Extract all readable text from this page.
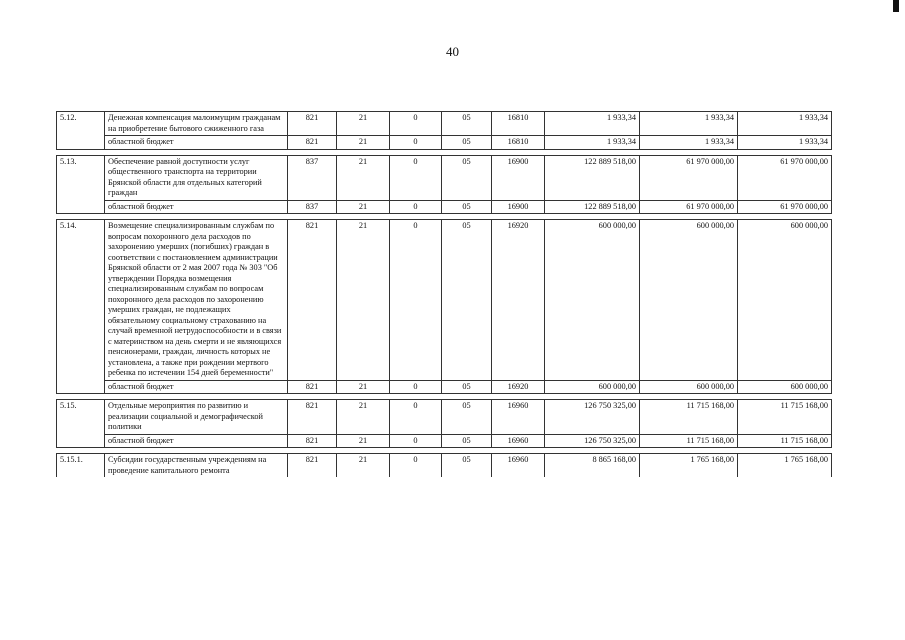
40
5.12.	Денежная компенсация малоимущим гражданам на приобретение бытового сжиженного газа	821	21	0	05	16810	1 933,34	1 933,34	1 933,34
	областной бюджет	821	21	0	05	16810	1 933,34	1 933,34	1 933,34

5.13.	Обеспечение равной доступности услуг общественного транспорта на территории Брянской области для отдельных категорий граждан	837	21	0	05	16900	122 889 518,00	61 970 000,00	61 970 000,00
	областной бюджет	837	21	0	05	16900	122 889 518,00	61 970 000,00	61 970 000,00

5.14.	Возмещение специализированным службам по вопросам похоронного дела расходов по захоронению умерших (погибших) граждан в соответствии с постановлением администрации Брянской области от 2 мая 2007 года № 303 "Об утверждении Порядка возмещения специализированным службам по вопросам похоронного дела расходов по захоронению умерших граждан, не подлежащих обязательному социальному страхованию на случай временной нетрудоспособности и в связи с материнством на день смерти и не являющихся пенсионерами, граждан, личность которых не установлена, а также при рождении мертвого ребенка по истечении 154 дней беременности"	821	21	0	05	16920	600 000,00	600 000,00	600 000,00
	областной бюджет	821	21	0	05	16920	600 000,00	600 000,00	600 000,00

5.15.	Отдельные мероприятия по развитию и реализации социальной и демографической политики	821	21	0	05	16960	126 750 325,00	11 715 168,00	11 715 168,00
	областной бюджет	821	21	0	05	16960	126 750 325,00	11 715 168,00	11 715 168,00

5.15.1.	Субсидии государственным учреждениям на проведение капитального ремонта	821	21	0	05	16960	8 865 168,00	1 765 168,00	1 765 168,00
